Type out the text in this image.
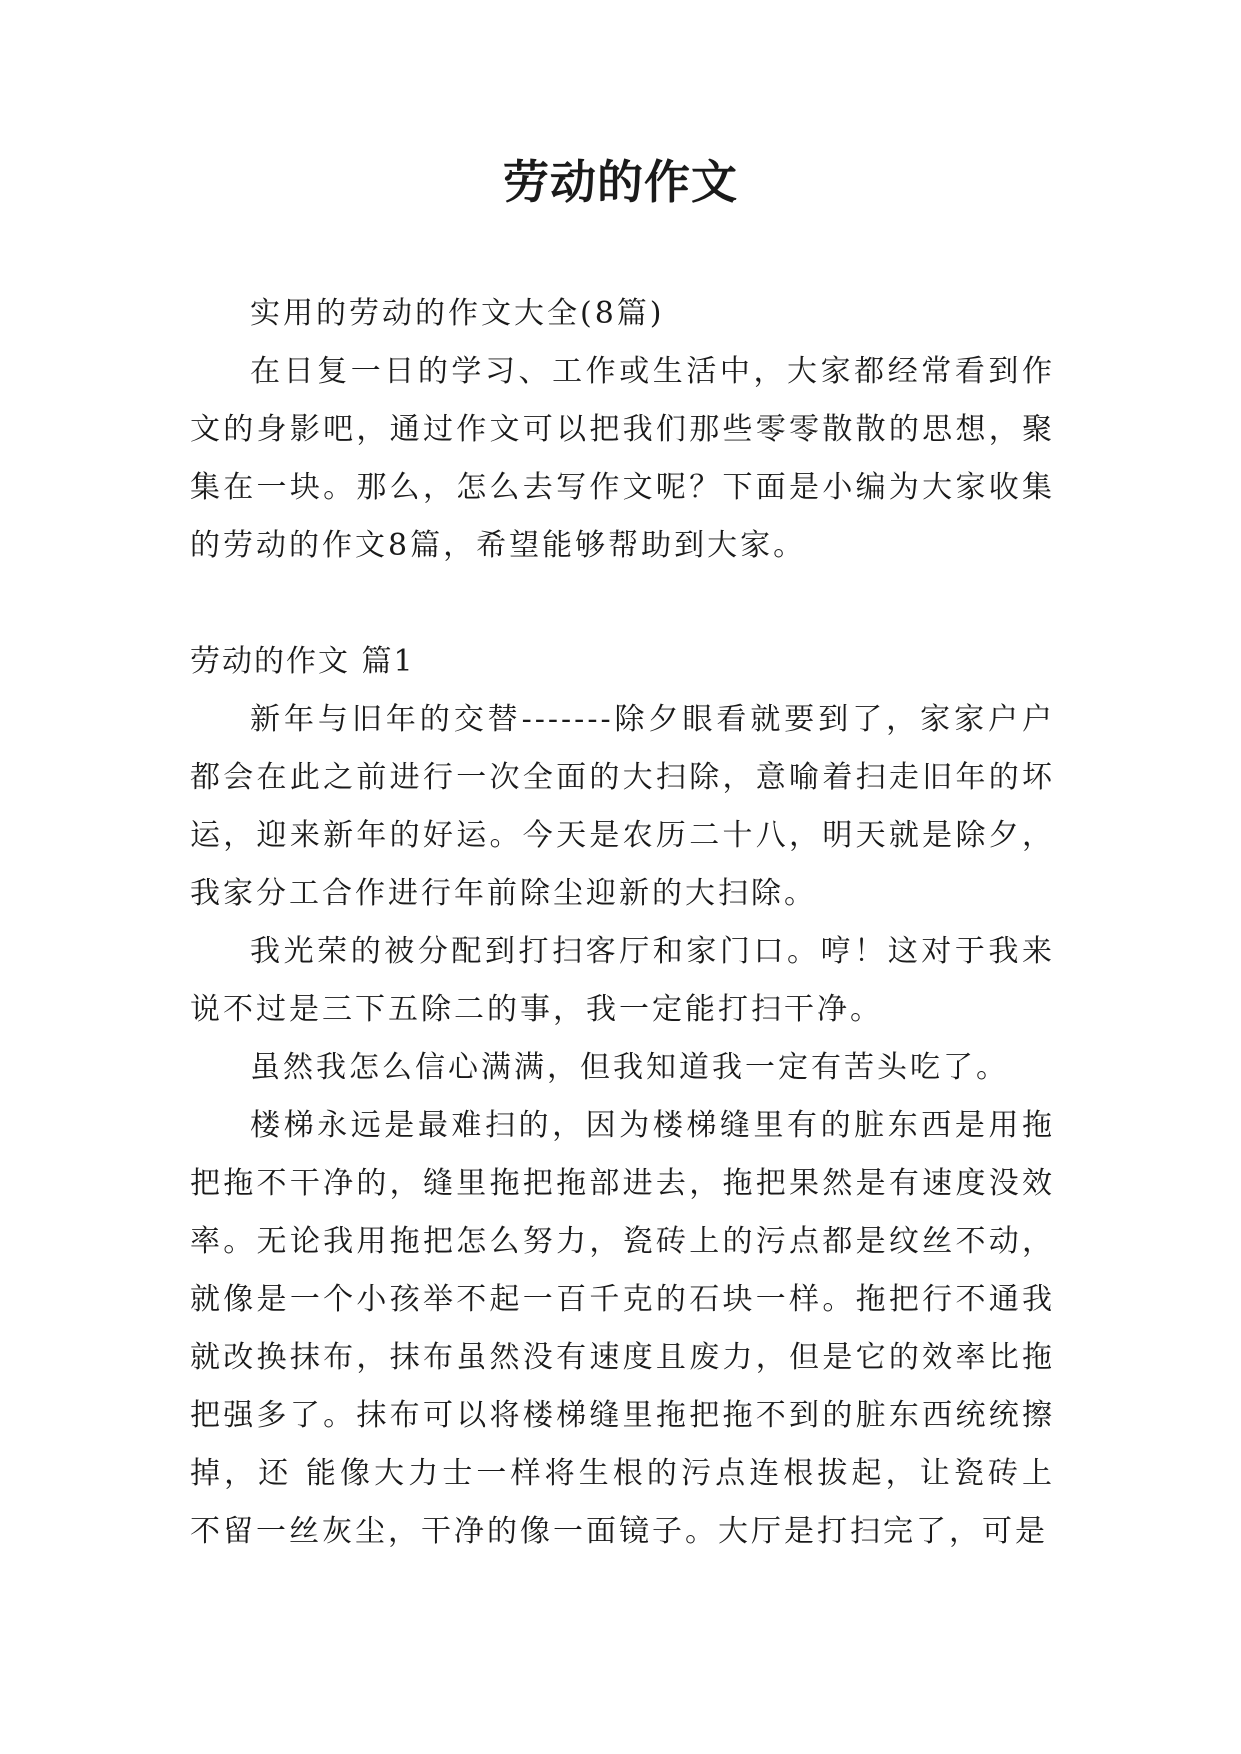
劳动的作文

实用的劳动的作文大全(8篇)

在日复一日的学习、工作或生活中，大家都经常看到作文的身影吧，通过作文可以把我们那些零零散散的思想，聚集在一块。那么，怎么去写作文呢？下面是小编为大家收集的劳动的作文8篇，希望能够帮助到大家。

劳动的作文 篇1

新年与旧年的交替-------除夕眼看就要到了，家家户户都会在此之前进行一次全面的大扫除，意喻着扫走旧年的坏运，迎来新年的好运。今天是农历二十八，明天就是除夕，我家分工合作进行年前除尘迎新的大扫除。

我光荣的被分配到打扫客厅和家门口。哼！这对于我来说不过是三下五除二的事，我一定能打扫干净。

虽然我怎么信心满满，但我知道我一定有苦头吃了。

楼梯永远是最难扫的，因为楼梯缝里有的脏东西是用拖把拖不干净的，缝里拖把拖部进去，拖把果然是有速度没效率。无论我用拖把怎么努力，瓷砖上的污点都是纹丝不动，就像是一个小孩举不起一百千克的石块一样。拖把行不通我就改换抹布，抹布虽然没有速度且废力，但是它的效率比拖把强多了。抹布可以将楼梯缝里拖把拖不到的脏东西统统擦掉，还 能像大力士一样将生根的污点连根拔起，让瓷砖上不留一丝灰尘，干净的像一面镜子。大厅是打扫完了，可是
